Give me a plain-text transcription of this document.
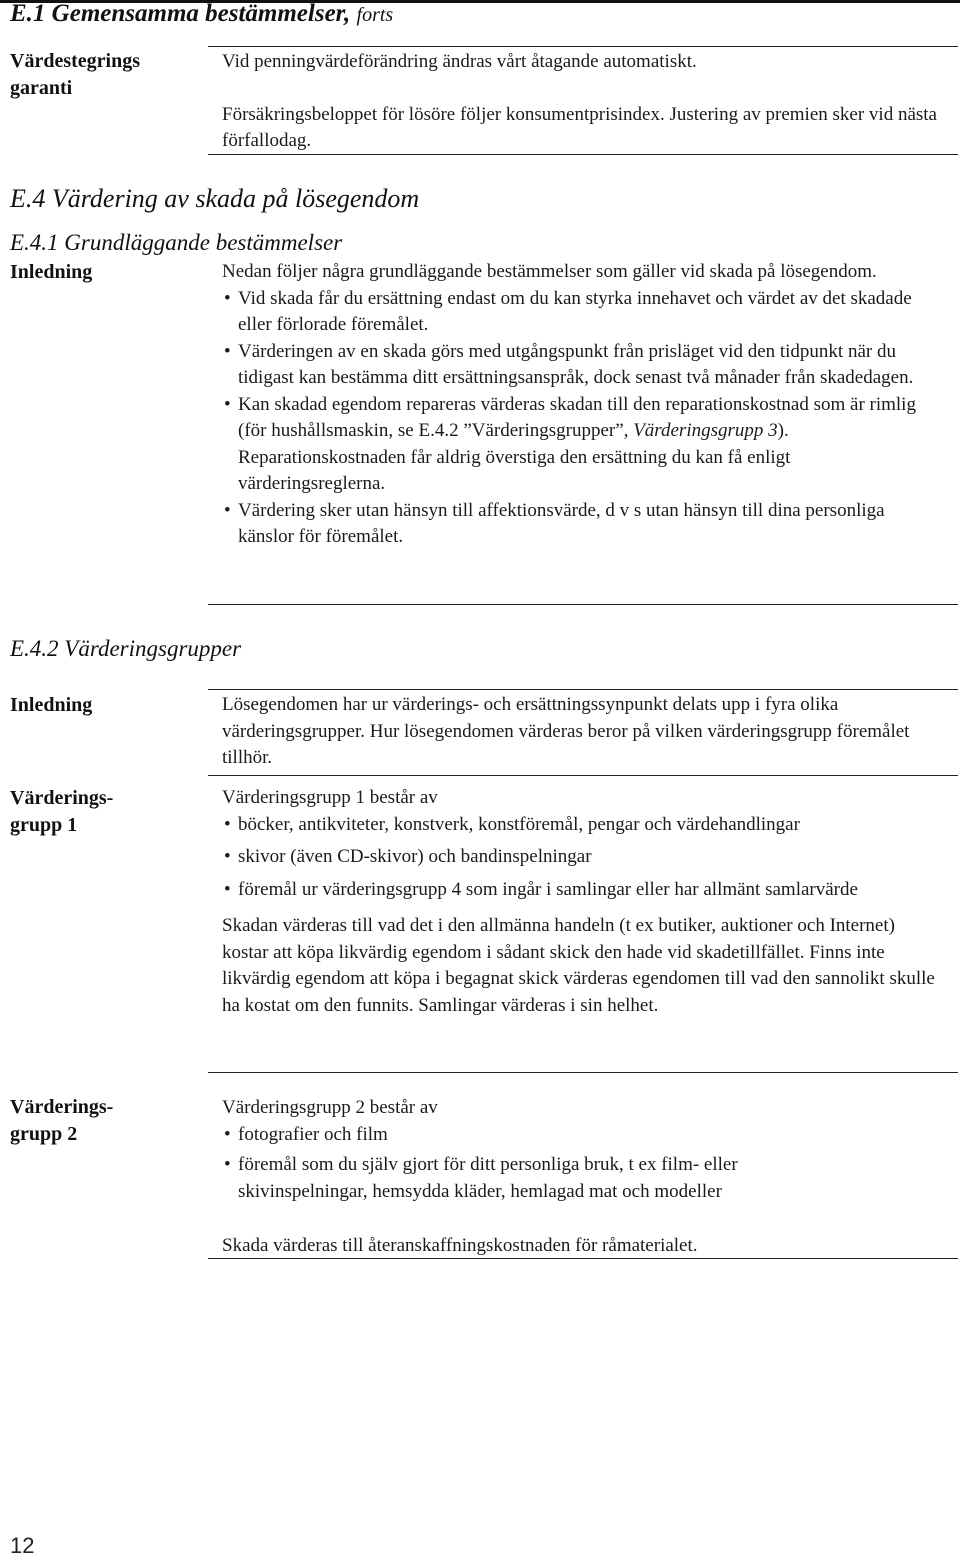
E.1 Gemensamma bestämmelser, forts
Värdestegrings
garanti
Vid penningvärdeförändring ändras vårt åtagande automatiskt.
Försäkringsbeloppet för lösöre följer konsumentprisindex. Justering av premien sker vid nästa förfallodag.
E.4 Värdering av skada på lösegendom
E.4.1 Grundläggande bestämmelser
Inledning	Nedan följer några grundläggande bestämmelser som gäller vid skada på lösegendom.
• Vid skada får du ersättning endast om du kan styrka innehavet och värdet av det skadade eller förlorade föremålet.
• Värderingen av en skada görs med utgångspunkt från prisläget vid den tidpunkt när du tidigast kan bestämma ditt ersättningsanspråk, dock senast två månader från skadedagen.
• Kan skadad egendom repareras värderas skadan till den reparationskostnad som är rimlig (för hushållsmaskin, se E.4.2 ”Värderingsgrupper”, Värderingsgrupp 3). Reparationskostnaden får aldrig överstiga den ersättning du kan få enligt värderingsreglerna.
• Värdering sker utan hänsyn till affektionsvärde, d v s utan hänsyn till dina personliga känslor för föremålet.
E.4.2 Värderingsgrupper
Inledning	Lösegendomen har ur värderings- och ersättningssynpunkt delats upp i fyra olika värderingsgrupper. Hur lösegendomen värderas beror på vilken värderingsgrupp föremålet tillhör.
Värderings-
grupp 1
Värderingsgrupp 1 består av
• böcker, antikviteter, konstverk, konstföremål, pengar och värdehandlingar
• skivor (även CD-skivor) och bandinspelningar
• föremål ur värderingsgrupp 4 som ingår i samlingar eller har allmänt samlarvärde
Skadan värderas till vad det i den allmänna handeln (t ex butiker, auktioner och Internet) kostar att köpa likvärdig egendom i sådant skick den hade vid skadetillfället. Finns inte likvärdig egendom att köpa i begagnat skick värderas egendomen till vad den sannolikt skulle ha kostat om den funnits. Samlingar värderas i sin helhet.
Värderings-
grupp 2
Värderingsgrupp 2 består av
• fotografier och film
• föremål som du själv gjort för ditt personliga bruk, t ex film- eller skivinspelningar, hemsydda kläder, hemlagad mat och modeller
Skada värderas till återanskaffningskostnaden för råmaterialet.
12
